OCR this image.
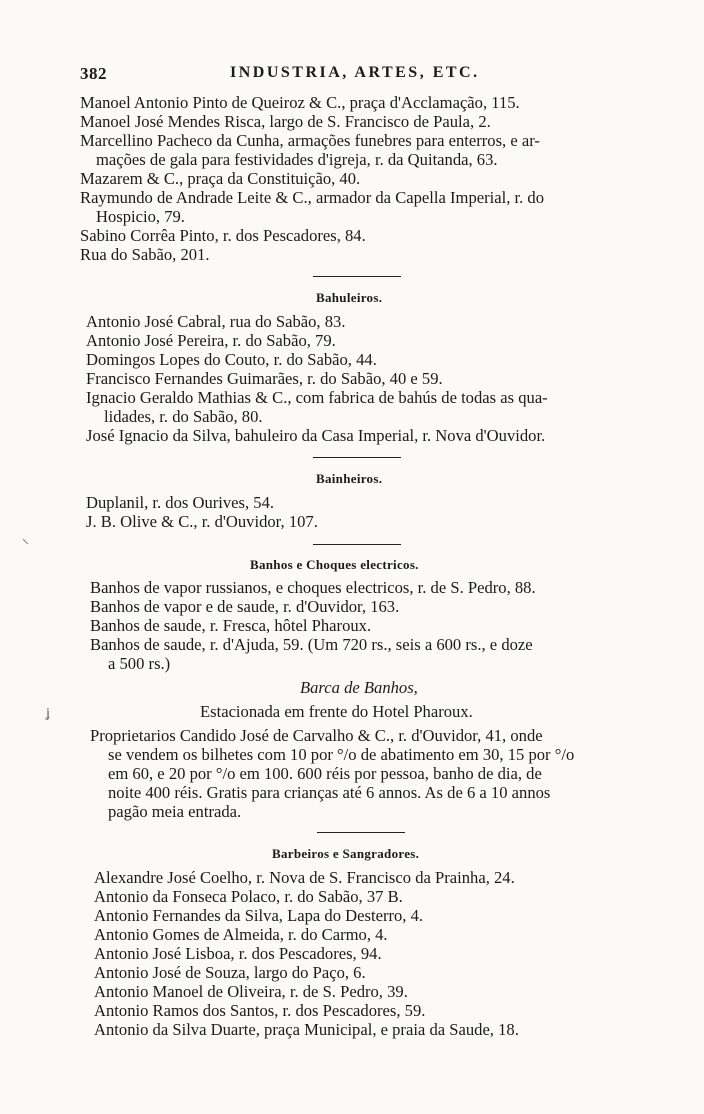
382	INDUSTRIA, ARTES, ETC.
Manoel Antonio Pinto de Queiroz & C., praça d'Acclamação, 115.
Manoel José Mendes Risca, largo de S. Francisco de Paula, 2.
Marcellino Pacheco da Cunha, armações funebres para enterros, e ar-
mações de gala para festividades d'igreja, r. da Quitanda, 63.
Mazarem & C., praça da Constituição, 40.
Raymundo de Andrade Leite & C., armador da Capella Imperial, r. do
Hospicio, 79.
Sabino Corrêa Pinto, r. dos Pescadores, 84.
Rua do Sabão, 201.
Bahuleiros.
Antonio José Cabral, rua do Sabão, 83.
Antonio José Pereira, r. do Sabão, 79.
Domingos Lopes do Couto, r. do Sabão, 44.
Francisco Fernandes Guimarães, r. do Sabão, 40 e 59.
Ignacio Geraldo Mathias & C., com fabrica de bahús de todas as qua-
lidades, r. do Sabão, 80.
José Ignacio da Silva, bahuleiro da Casa Imperial, r. Nova d'Ouvidor.
Bainheiros.
Duplanil, r. dos Ourives, 54.
J. B. Olive & C., r. d'Ouvidor, 107.
⸌
Banhos e Choques electricos.
Banhos de vapor russianos, e choques electricos, r. de S. Pedro, 88.
Banhos de vapor e de saude, r. d'Ouvidor, 163.
Banhos de saude, r. Fresca, hôtel Pharoux.
Banhos de saude, r. d'Ajuda, 59. (Um 720 rs., seis a 600 rs., e doze
a 500 rs.)
Barca de Banhos,
Estacionada em frente do Hotel Pharoux.
ʝ
Proprietarios Candido José de Carvalho & C., r. d'Ouvidor, 41, onde
se vendem os bilhetes com 10 por °/o de abatimento em 30, 15 por °/o
em 60, e 20 por °/o em 100. 600 réis por pessoa, banho de dia, de
noite 400 réis. Gratis para crianças até 6 annos. As de 6 a 10 annos
pagão meia entrada.
Barbeiros e Sangradores.
Alexandre José Coelho, r. Nova de S. Francisco da Prainha, 24.
Antonio da Fonseca Polaco, r. do Sabão, 37 B.
Antonio Fernandes da Silva, Lapa do Desterro, 4.
Antonio Gomes de Almeida, r. do Carmo, 4.
Antonio José Lisboa, r. dos Pescadores, 94.
Antonio José de Souza, largo do Paço, 6.
Antonio Manoel de Oliveira, r. de S. Pedro, 39.
Antonio Ramos dos Santos, r. dos Pescadores, 59.
Antonio da Silva Duarte, praça Municipal, e praia da Saude, 18.
